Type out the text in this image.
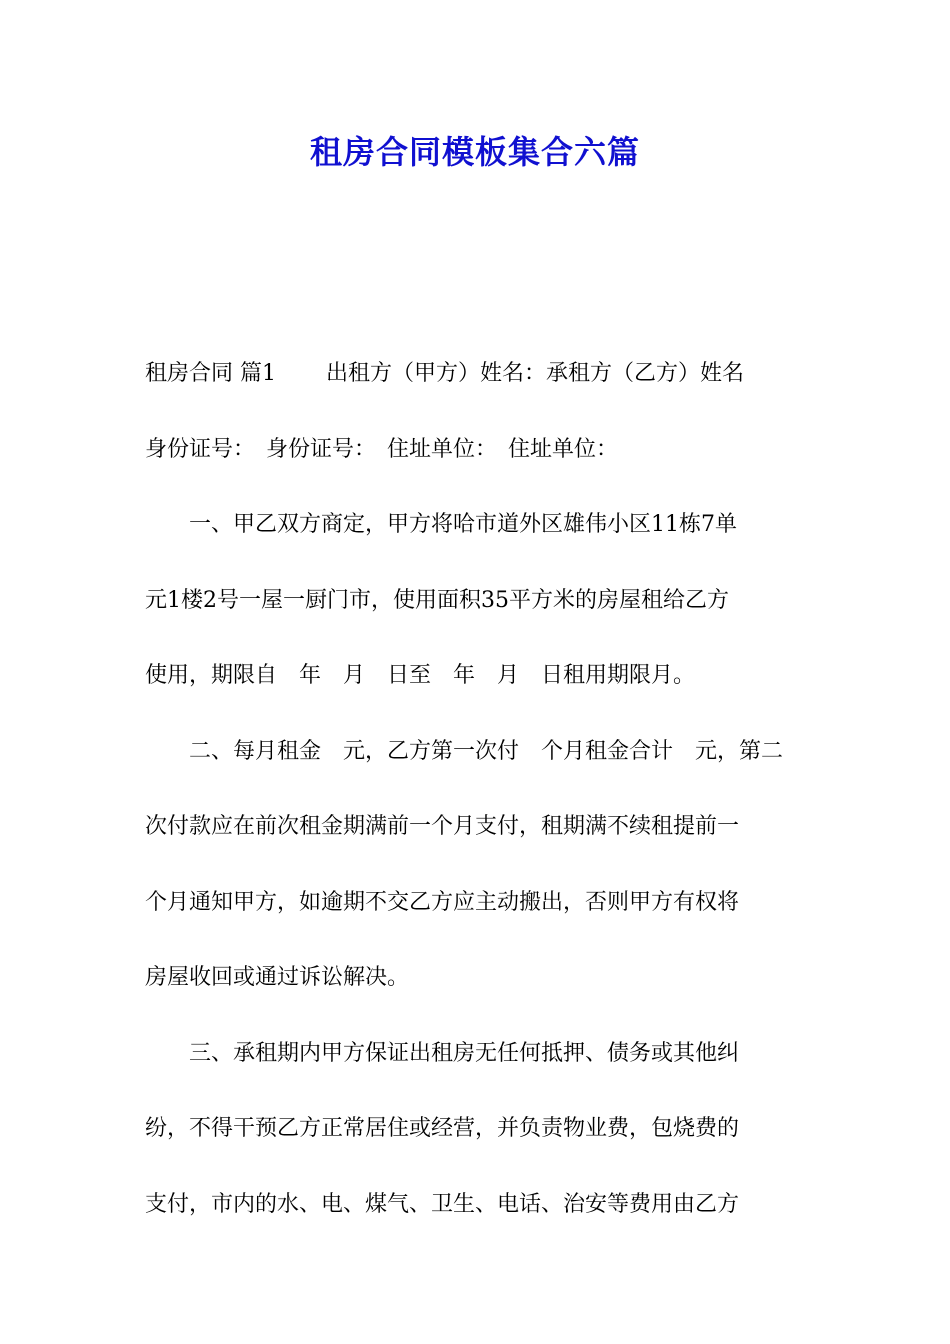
租房合同模板集合六篇
租房合同 篇1 出租方（甲方）姓名：承租方（乙方）姓名
身份证号：　身份证号：　住址单位：　住址单位：
　　一、甲乙双方商定，甲方将哈市道外区雄伟小区11栋7单
元1楼2号一屋一厨门市，使用面积35平方米的房屋租给乙方
使用，期限自　年　月　日至　年　月　日租用期限月。
　　二、每月租金　元，乙方第一次付　个月租金合计　元，第二
次付款应在前次租金期满前一个月支付，租期满不续租提前一
个月通知甲方，如逾期不交乙方应主动搬出，否则甲方有权将
房屋收回或通过诉讼解决。
　　三、承租期内甲方保证出租房无任何抵押、债务或其他纠
纷，不得干预乙方正常居住或经营，并负责物业费，包烧费的
支付，市内的水、电、煤气、卫生、电话、治安等费用由乙方
